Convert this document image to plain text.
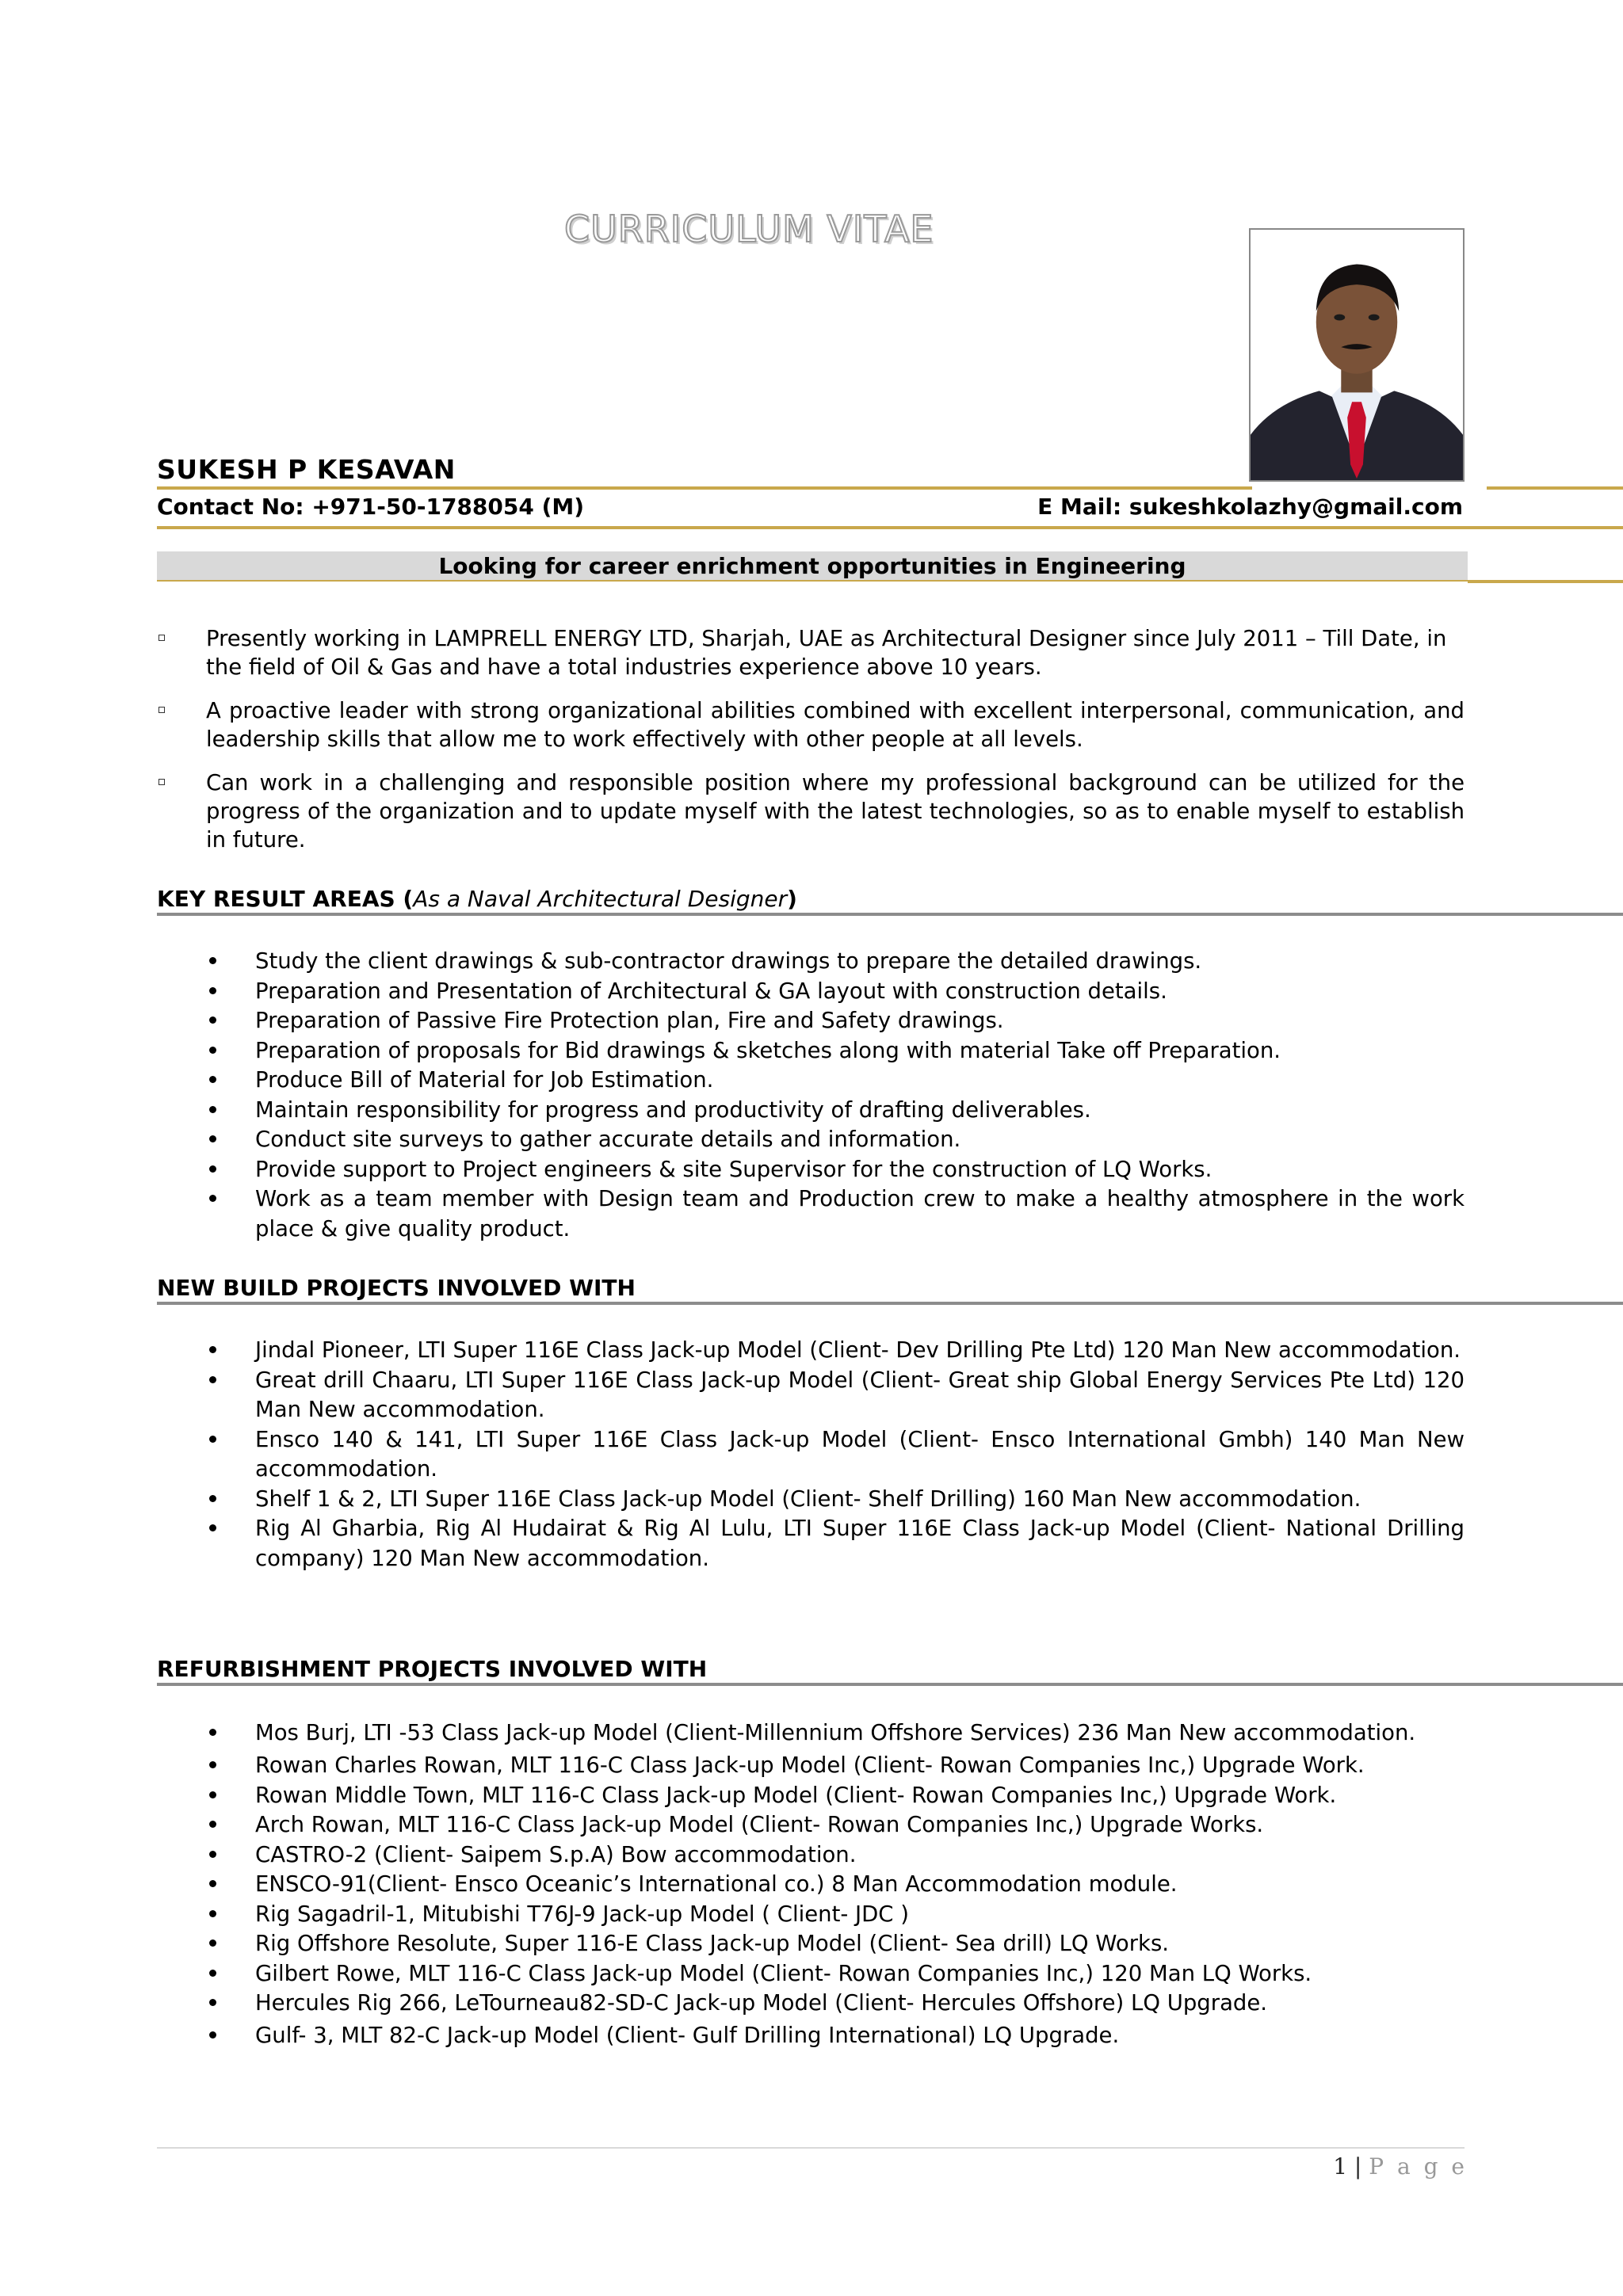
CURRICULUM VITAE
SUKESH P KESAVAN
Contact No: +971-50-1788054 (M)	E Mail: sukeshkolazhy@gmail.com
Looking for career enrichment opportunities in Engineering
Presently working in LAMPRELL ENERGY LTD, Sharjah, UAE as Architectural Designer since July 2011 – Till Date, in the field of Oil & Gas and have a total industries experience above 10 years.
A proactive leader with strong organizational abilities combined with excellent interpersonal, communication, and leadership skills that allow me to work effectively with other people at all levels.
Can work in a challenging and responsible position where my professional background can be utilized for the progress of the organization and to update myself with the latest technologies, so as to enable myself to establish in future.
KEY RESULT AREAS (As a Naval Architectural Designer)
Study the client drawings & sub-contractor drawings to prepare the detailed drawings.
Preparation and Presentation of Architectural & GA layout with construction details.
Preparation of Passive Fire Protection plan, Fire and Safety drawings.
Preparation of proposals for Bid drawings & sketches along with material Take off Preparation.
Produce Bill of Material for Job Estimation.
Maintain responsibility for progress and productivity of drafting deliverables.
Conduct site surveys to gather accurate details and information.
Provide support to Project engineers & site Supervisor for the construction of LQ Works.
Work as a team member with Design team and Production crew to make a healthy atmosphere in the work place & give quality product.
NEW BUILD PROJECTS INVOLVED WITH
Jindal Pioneer, LTI Super 116E Class Jack-up Model (Client- Dev Drilling Pte Ltd) 120 Man New accommodation.
Great drill Chaaru, LTI Super 116E Class Jack-up Model (Client- Great ship Global Energy Services Pte Ltd) 120 Man New accommodation.
Ensco 140 & 141, LTI Super 116E Class Jack-up Model (Client- Ensco International Gmbh) 140 Man New accommodation.
Shelf 1 & 2, LTI Super 116E Class Jack-up Model (Client- Shelf Drilling) 160 Man New accommodation.
Rig Al Gharbia, Rig Al Hudairat & Rig Al Lulu, LTI Super 116E Class Jack-up Model (Client- National Drilling company) 120 Man New accommodation.
REFURBISHMENT PROJECTS INVOLVED WITH
Mos Burj, LTI -53 Class Jack-up Model (Client-Millennium Offshore Services) 236 Man New accommodation.
Rowan Charles Rowan, MLT 116-C Class Jack-up Model (Client- Rowan Companies Inc,) Upgrade Work.
Rowan Middle Town, MLT 116-C Class Jack-up Model (Client- Rowan Companies Inc,) Upgrade Work.
Arch Rowan, MLT 116-C Class Jack-up Model (Client- Rowan Companies Inc,) Upgrade Works.
CASTRO-2 (Client- Saipem S.p.A) Bow accommodation.
ENSCO-91(Client- Ensco Oceanic’s International co.) 8 Man Accommodation module.
Rig Sagadril-1, Mitubishi T76J-9 Jack-up Model ( Client- JDC )
Rig Offshore Resolute, Super 116-E Class Jack-up Model (Client- Sea drill) LQ Works.
Gilbert Rowe, MLT 116-C Class Jack-up Model (Client- Rowan Companies Inc,) 120 Man LQ Works.
Hercules Rig 266, LeTourneau82-SD-C Jack-up Model (Client- Hercules Offshore) LQ Upgrade.
Gulf- 3, MLT 82-C Jack-up Model (Client- Gulf Drilling International) LQ Upgrade.
1 | P a g e
